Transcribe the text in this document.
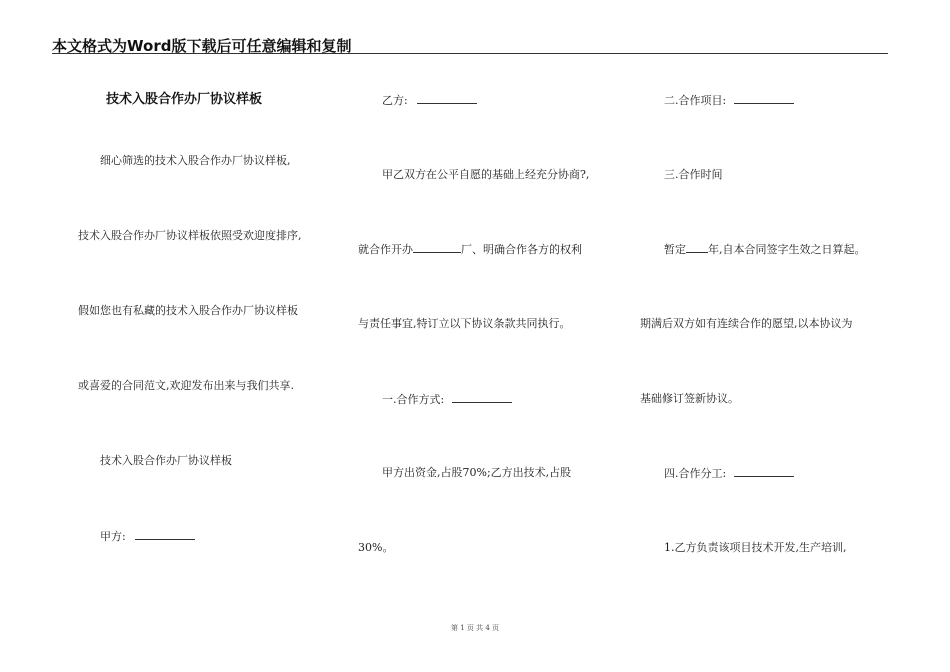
本文格式为Word版下载后可任意编辑和复制
技术入股合作办厂协议样板
细心筛选的技术入股合作办厂协议样板,
技术入股合作办厂协议样板依照受欢迎度排序,
假如您也有私藏的技术入股合作办厂协议样板
或喜爱的合同范文,欢迎发布出来与我们共享.
技术入股合作办厂协议样板
甲方:
乙方:
甲乙双方在公平自愿的基础上经充分协商?,
就合作开办	厂、明确合作各方的权利
与责任事宜,特订立以下协议条款共同执行。
一.合作方式:
甲方出资金,占股70%;乙方出技术,占股
30%。
二.合作项目:
三.合作时间
暂定 年,自本合同签字生效之日算起。
期满后双方如有连续合作的愿望,以本协议为
基础修订签新协议。
四.合作分工:
1.乙方负责该项目技术开发,生产培训,
第 1 页 共 4 页
